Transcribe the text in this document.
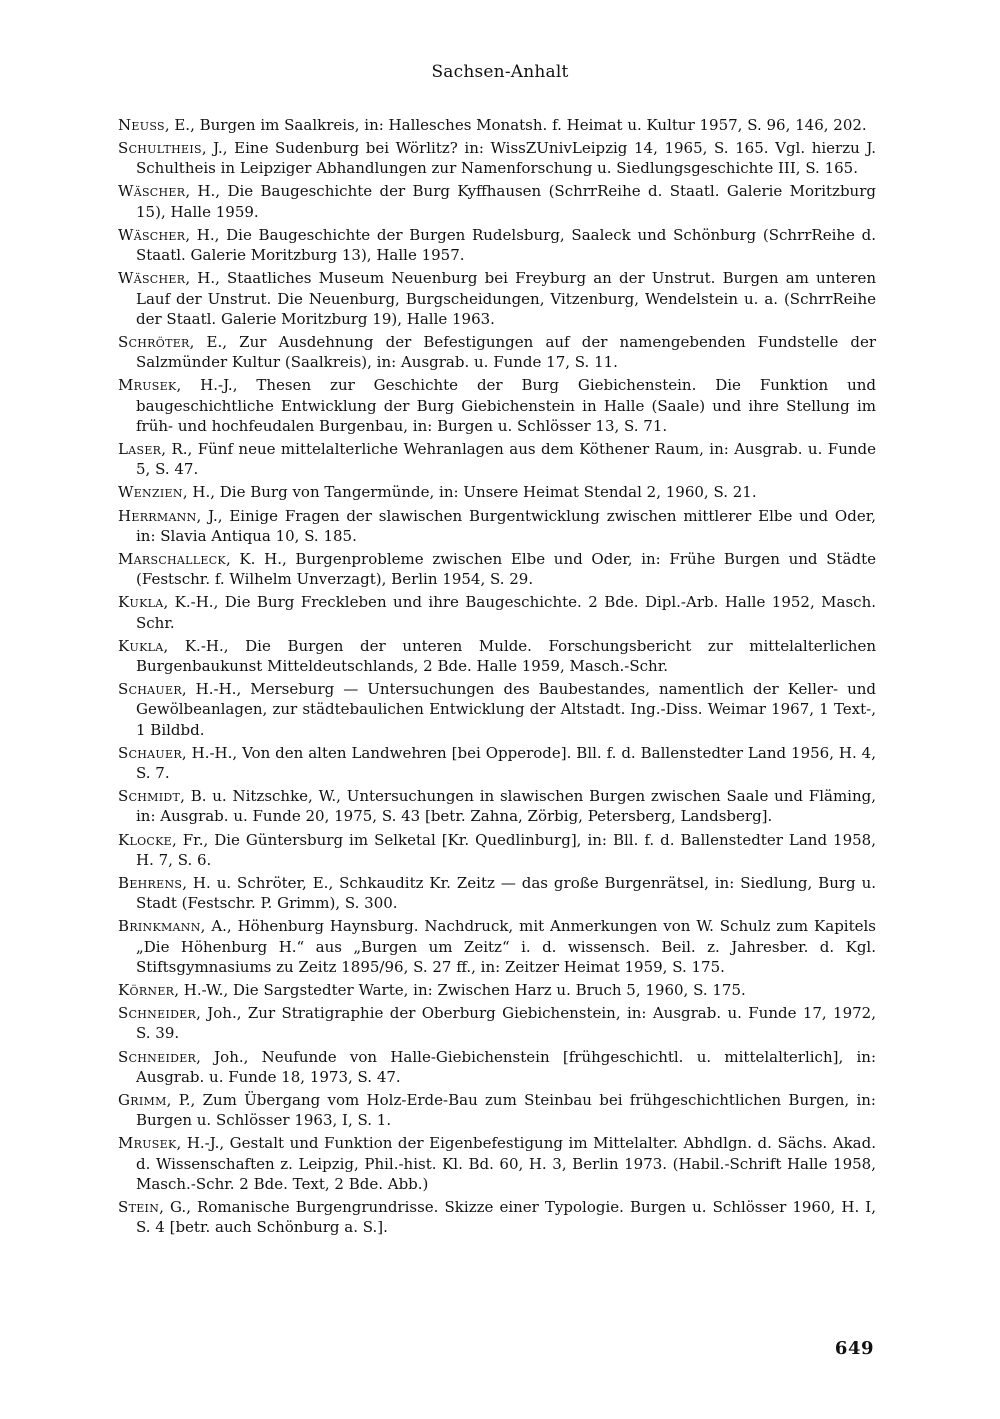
Sachsen-Anhalt
Neuss, E., Burgen im Saalkreis, in: Hallesches Monatsh. f. Heimat u. Kultur 1957, S. 96, 146, 202.
Schultheis, J., Eine Sudenburg bei Wörlitz? in: WissZUnivLeipzig 14, 1965, S. 165. Vgl. hierzu J. Schultheis in Leipziger Abhandlungen zur Namenforschung u. Siedlungsgeschichte III, S. 165.
Wäscher, H., Die Baugeschichte der Burg Kyffhausen (SchrrReihe d. Staatl. Galerie Moritzburg 15), Halle 1959.
Wäscher, H., Die Baugeschichte der Burgen Rudelsburg, Saaleck und Schönburg (SchrrReihe d. Staatl. Galerie Moritzburg 13), Halle 1957.
Wäscher, H., Staatliches Museum Neuenburg bei Freyburg an der Unstrut. Burgen am unteren Lauf der Unstrut. Die Neuenburg, Burgscheidungen, Vitzenburg, Wendelstein u. a. (SchrrReihe der Staatl. Galerie Moritzburg 19), Halle 1963.
Schröter, E., Zur Ausdehnung der Befestigungen auf der namengebenden Fundstelle der Salzmünder Kultur (Saalkreis), in: Ausgrab. u. Funde 17, S. 11.
Mrusek, H.-J., Thesen zur Geschichte der Burg Giebichenstein. Die Funktion und baugeschichtliche Entwicklung der Burg Giebichenstein in Halle (Saale) und ihre Stellung im früh- und hochfeudalen Burgenbau, in: Burgen u. Schlösser 13, S. 71.
Laser, R., Fünf neue mittelalterliche Wehranlagen aus dem Köthener Raum, in: Ausgrab. u. Funde 5, S. 47.
Wenzien, H., Die Burg von Tangermünde, in: Unsere Heimat Stendal 2, 1960, S. 21.
Herrmann, J., Einige Fragen der slawischen Burgentwicklung zwischen mittlerer Elbe und Oder, in: Slavia Antiqua 10, S. 185.
Marschalleck, K. H., Burgenprobleme zwischen Elbe und Oder, in: Frühe Burgen und Städte (Festschr. f. Wilhelm Unverzagt), Berlin 1954, S. 29.
Kukla, K.-H., Die Burg Freckleben und ihre Baugeschichte. 2 Bde. Dipl.-Arb. Halle 1952, Masch. Schr.
Kukla, K.-H., Die Burgen der unteren Mulde. Forschungsbericht zur mittelalterlichen Burgenbaukunst Mitteldeutschlands, 2 Bde. Halle 1959, Masch.-Schr.
Schauer, H.-H., Merseburg — Untersuchungen des Baubestandes, namentlich der Keller- und Gewölbeanlagen, zur städtebaulichen Entwicklung der Altstadt. Ing.-Diss. Weimar 1967, 1 Text-, 1 Bildbd.
Schauer, H.-H., Von den alten Landwehren [bei Opperode]. Bll. f. d. Ballenstedter Land 1956, H. 4, S. 7.
Schmidt, B. u. Nitzschke, W., Untersuchungen in slawischen Burgen zwischen Saale und Fläming, in: Ausgrab. u. Funde 20, 1975, S. 43 [betr. Zahna, Zörbig, Petersberg, Landsberg].
Klocke, Fr., Die Güntersburg im Selketal [Kr. Quedlinburg], in: Bll. f. d. Ballenstedter Land 1958, H. 7, S. 6.
Behrens, H. u. Schröter, E., Schkauditz Kr. Zeitz — das große Burgenrätsel, in: Siedlung, Burg u. Stadt (Festschr. P. Grimm), S. 300.
Brinkmann, A., Höhenburg Haynsburg. Nachdruck, mit Anmerkungen von W. Schulz zum Kapitels „Die Höhenburg H.“ aus „Burgen um Zeitz“ i. d. wissensch. Beil. z. Jahresber. d. Kgl. Stiftsgymnasiums zu Zeitz 1895/96, S. 27 ff., in: Zeitzer Heimat 1959, S. 175.
Körner, H.-W., Die Sargstedter Warte, in: Zwischen Harz u. Bruch 5, 1960, S. 175.
Schneider, Joh., Zur Stratigraphie der Oberburg Giebichenstein, in: Ausgrab. u. Funde 17, 1972, S. 39.
Schneider, Joh., Neufunde von Halle-Giebichenstein [frühgeschichtl. u. mittelalterlich], in: Ausgrab. u. Funde 18, 1973, S. 47.
Grimm, P., Zum Übergang vom Holz-Erde-Bau zum Steinbau bei frühgeschichtlichen Burgen, in: Burgen u. Schlösser 1963, I, S. 1.
Mrusek, H.-J., Gestalt und Funktion der Eigenbefestigung im Mittelalter. Abhdlgn. d. Sächs. Akad. d. Wissenschaften z. Leipzig, Phil.-hist. Kl. Bd. 60, H. 3, Berlin 1973. (Habil.-Schrift Halle 1958, Masch.-Schr. 2 Bde. Text, 2 Bde. Abb.)
Stein, G., Romanische Burgengrundrisse. Skizze einer Typologie. Burgen u. Schlösser 1960, H. I, S. 4 [betr. auch Schönburg a. S.].
649
